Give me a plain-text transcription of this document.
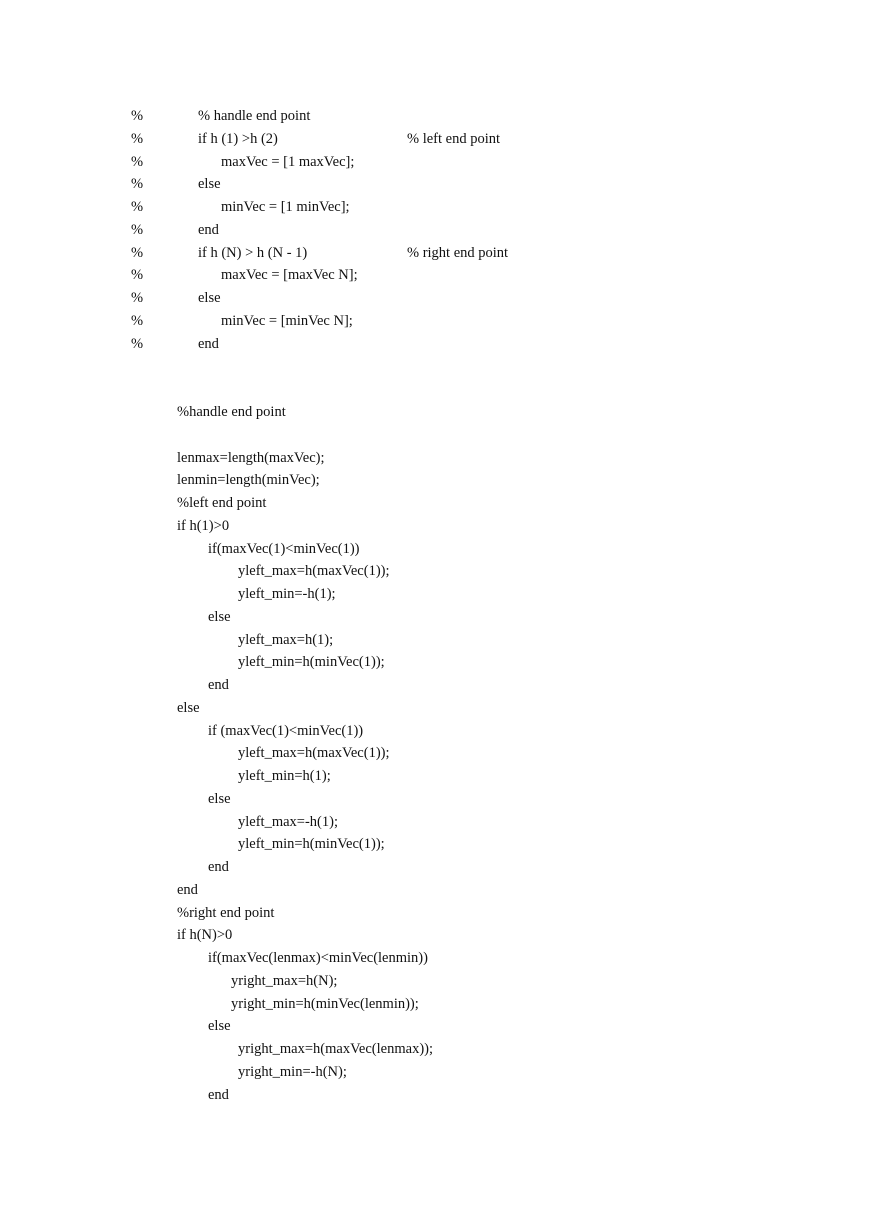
%	% handle end point
%	if h (1) >h (2)	% left end point
%	maxVec = [1 maxVec];
%	else
%	minVec = [1 minVec];
%	end
%	if h (N) > h (N - 1)	% right end point
%	maxVec = [maxVec N];
%	else
%	minVec = [minVec N];
%	end
%handle end point
lenmax=length(maxVec);
lenmin=length(minVec);
%left end point
if h(1)>0
if(maxVec(1)<minVec(1))
yleft_max=h(maxVec(1));
yleft_min=-h(1);
else
yleft_max=h(1);
yleft_min=h(minVec(1));
end
else
if (maxVec(1)<minVec(1))
yleft_max=h(maxVec(1));
yleft_min=h(1);
else
yleft_max=-h(1);
yleft_min=h(minVec(1));
end
end
%right end point
if h(N)>0
if(maxVec(lenmax)<minVec(lenmin))
yright_max=h(N);
yright_min=h(minVec(lenmin));
else
yright_max=h(maxVec(lenmax));
yright_min=-h(N);
end
